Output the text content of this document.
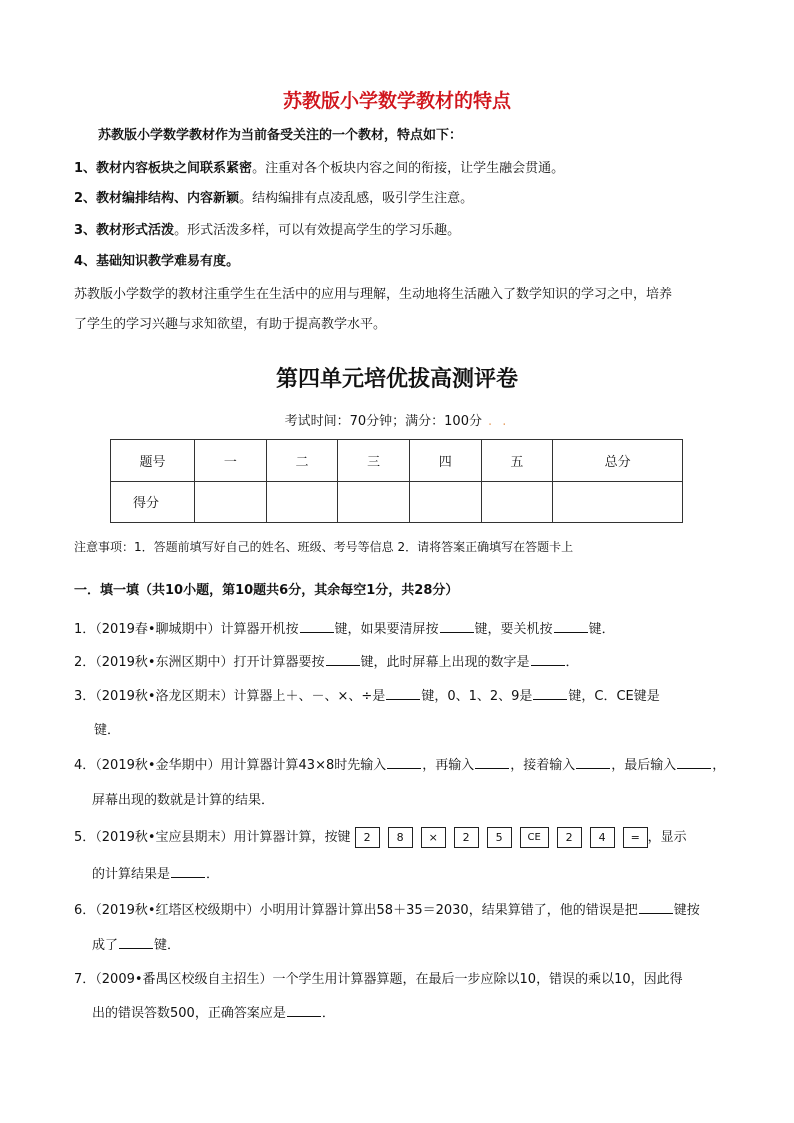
苏教版小学数学教材的特点
苏教版小学数学教材作为当前备受关注的一个教材，特点如下：
1、教材内容板块之间联系紧密。注重对各个板块内容之间的衔接，让学生融会贯通。
2、教材编排结构、内容新颖。结构编排有点凌乱感，吸引学生注意。
3、教材形式活泼。形式活泼多样，可以有效提高学生的学习乐趣。
4、基础知识教学难易有度。
苏教版小学数学的教材注重学生在生活中的应用与理解，生动地将生活融入了数学知识的学习之中，培养
了学生的学习兴趣与求知欲望，有助于提高教学水平。
第四单元培优拔高测评卷
考试时间：70分钟；满分：100分 . .
题号	一	二	三	四	五	总分
得分						
注意事项：1．答题前填写好自己的姓名、班级、考号等信息 2．请将答案正确填写在答题卡上
一．填一填（共10小题，第10题共6分，其余每空1分，共28分）
1．（2019春•聊城期中）计算器开机按	键，如果要清屏按	键，要关机按	键．
2．（2019秋•东洲区期中）打开计算器要按	键，此时屏幕上出现的数字是	．
3．（2019秋•洛龙区期末）计算器上＋、－、×、÷是	键，0、1、2、9是	键，C．CE键是
键．
4．（2019秋•金华期中）用计算器计算43×8时先输入	，再输入	，接着输入	，最后输入	，
屏幕出现的数就是计算的结果．
5．（2019秋•宝应县期末）用计算器计算，按键 2 8 × 2 5 CE 2 4 = ，显示
的计算结果是	．
6．（2019秋•红塔区校级期中）小明用计算器计算出58＋35＝2030，结果算错了，他的错误是把	键按
成了	键．
7．（2009•番禺区校级自主招生）一个学生用计算器算题，在最后一步应除以10，错误的乘以10，因此得
出的错误答数500，正确答案应是	．
